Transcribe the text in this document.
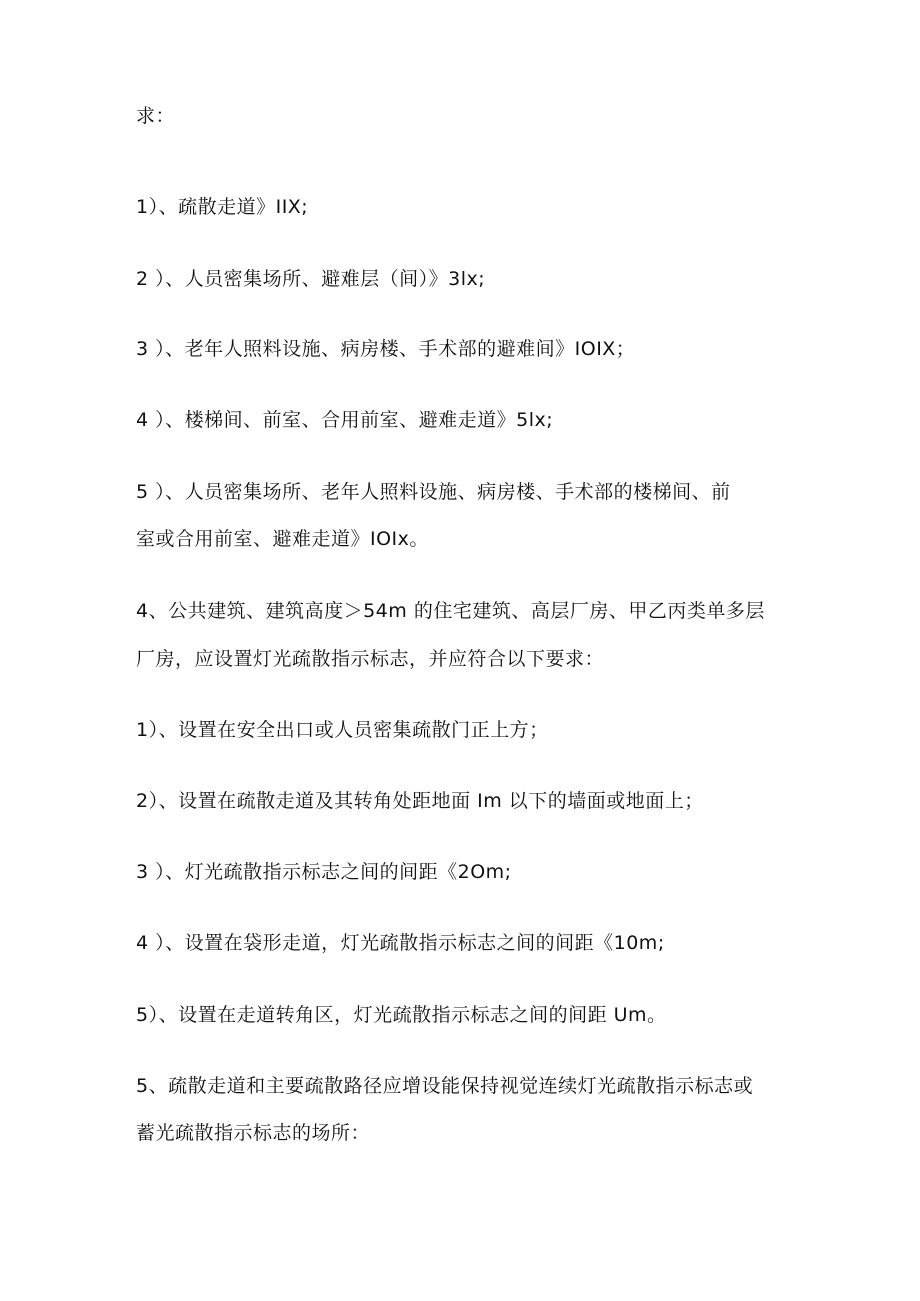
求：
1）、疏散走道》IIX;
2 ）、人员密集场所、避难层（间）》3lx;
3 ）、老年人照料设施、病房楼、手术部的避难间》IOIX；
4 ）、楼梯间、前室、合用前室、避难走道》5lx;
5 ）、人员密集场所、老年人照料设施、病房楼、手术部的楼梯间、前
室或合用前室、避难走道》IOIx。
4、公共建筑、建筑高度＞54m 的住宅建筑、高层厂房、甲乙丙类单多层
厂房，应设置灯光疏散指示标志，并应符合以下要求：
1）、设置在安全出口或人员密集疏散门正上方；
2）、设置在疏散走道及其转角处距地面 Im 以下的墙面或地面上；
3 ）、灯光疏散指示标志之间的间距《2Om;
4 ）、设置在袋形走道，灯光疏散指示标志之间的间距《10m;
5）、设置在走道转角区，灯光疏散指示标志之间的间距 Um。
5、疏散走道和主要疏散路径应增设能保持视觉连续灯光疏散指示标志或
蓄光疏散指示标志的场所：
